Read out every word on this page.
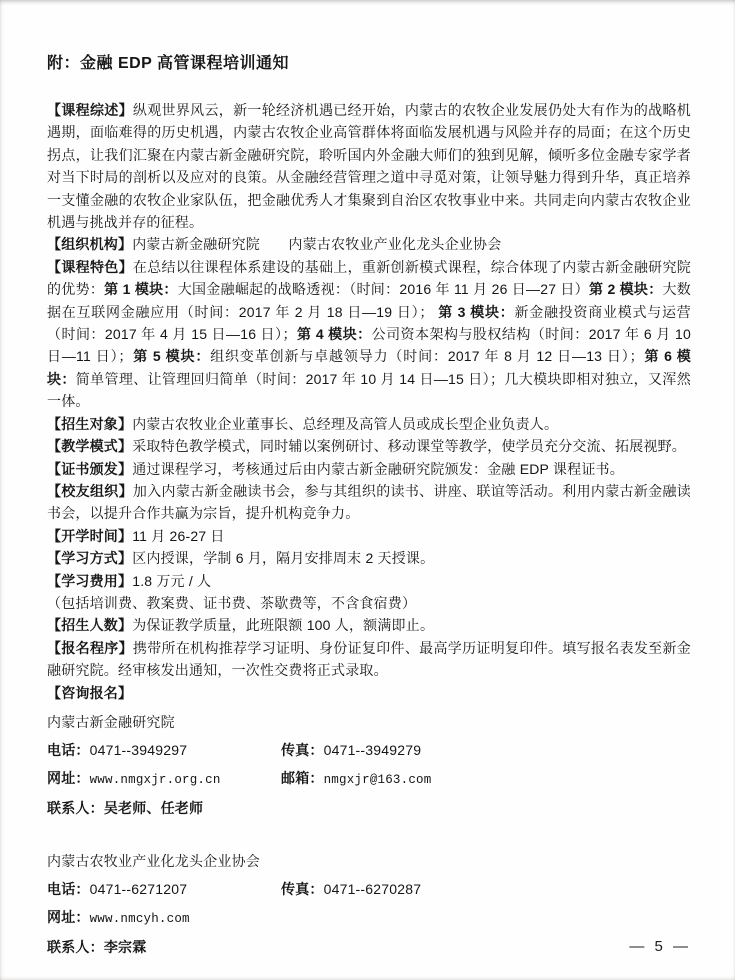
附：金融 EDP 高管课程培训通知

【课程综述】纵观世界风云，新一轮经济机遇已经开始，内蒙古的农牧企业发展仍处大有作为的战略机遇期，面临难得的历史机遇，内蒙古农牧企业高管群体将面临发展机遇与风险并存的局面；在这个历史拐点，让我们汇聚在内蒙古新金融研究院，聆听国内外金融大师们的独到见解，倾听多位金融专家学者对当下时局的剖析以及应对的良策。从金融经营管理之道中寻觅对策，让领导魅力得到升华，真正培养一支懂金融的农牧企业家队伍，把金融优秀人才集聚到自治区农牧事业中来。共同走向内蒙古农牧企业机遇与挑战并存的征程。

【组织机构】内蒙古新金融研究院　　内蒙古农牧业产业化龙头企业协会

【课程特色】在总结以往课程体系建设的基础上，重新创新模式课程，综合体现了内蒙古新金融研究院的优势：第 1 模块：大国金融崛起的战略透视：（时间：2016 年 11 月 26 日—27 日）第 2 模块：大数据在互联网金融应用（时间：2017 年 2 月 18 日—19 日）； 第 3 模块：新金融投资商业模式与运营（时间：2017 年 4 月 15 日—16 日）；第 4 模块：公司资本架构与股权结构（时间：2017 年 6 月 10 日—11 日）；第 5 模块：组织变革创新与卓越领导力（时间：2017 年 8 月 12 日—13 日）；第 6 模块：简单管理、让管理回归简单（时间：2017 年 10 月 14 日—15 日）；几大模块即相对独立，又浑然一体。

【招生对象】内蒙古农牧业企业董事长、总经理及高管人员或成长型企业负责人。

【教学模式】采取特色教学模式，同时辅以案例研讨、移动课堂等教学，使学员充分交流、拓展视野。

【证书颁发】通过课程学习，考核通过后由内蒙古新金融研究院颁发：金融 EDP 课程证书。

【校友组织】加入内蒙古新金融读书会，参与其组织的读书、讲座、联谊等活动。利用内蒙古新金融读书会，以提升合作共赢为宗旨，提升机构竞争力。

【开学时间】11 月 26-27 日

【学习方式】区内授课，学制 6 月，隔月安排周末 2 天授课。

【学习费用】1.8 万元 / 人

（包括培训费、教案费、证书费、茶歇费等，不含食宿费）

【招生人数】为保证教学质量，此班限额 100 人，额满即止。

【报名程序】携带所在机构推荐学习证明、身份证复印件、最高学历证明复印件。填写报名表发至新金融研究院。经审核发出通知，一次性交费将正式录取。

【咨询报名】

内蒙古新金融研究院

电话：0471--3949297	传真：0471--3949279

网址：www.nmgxjr.org.cn	邮箱：nmgxjr@163.com

联系人：吴老师、任老师

内蒙古农牧业产业化龙头企业协会

电话：0471--6271207	传真：0471--6270287

网址：www.nmcyh.com

联系人：李宗霖	— 5 —
